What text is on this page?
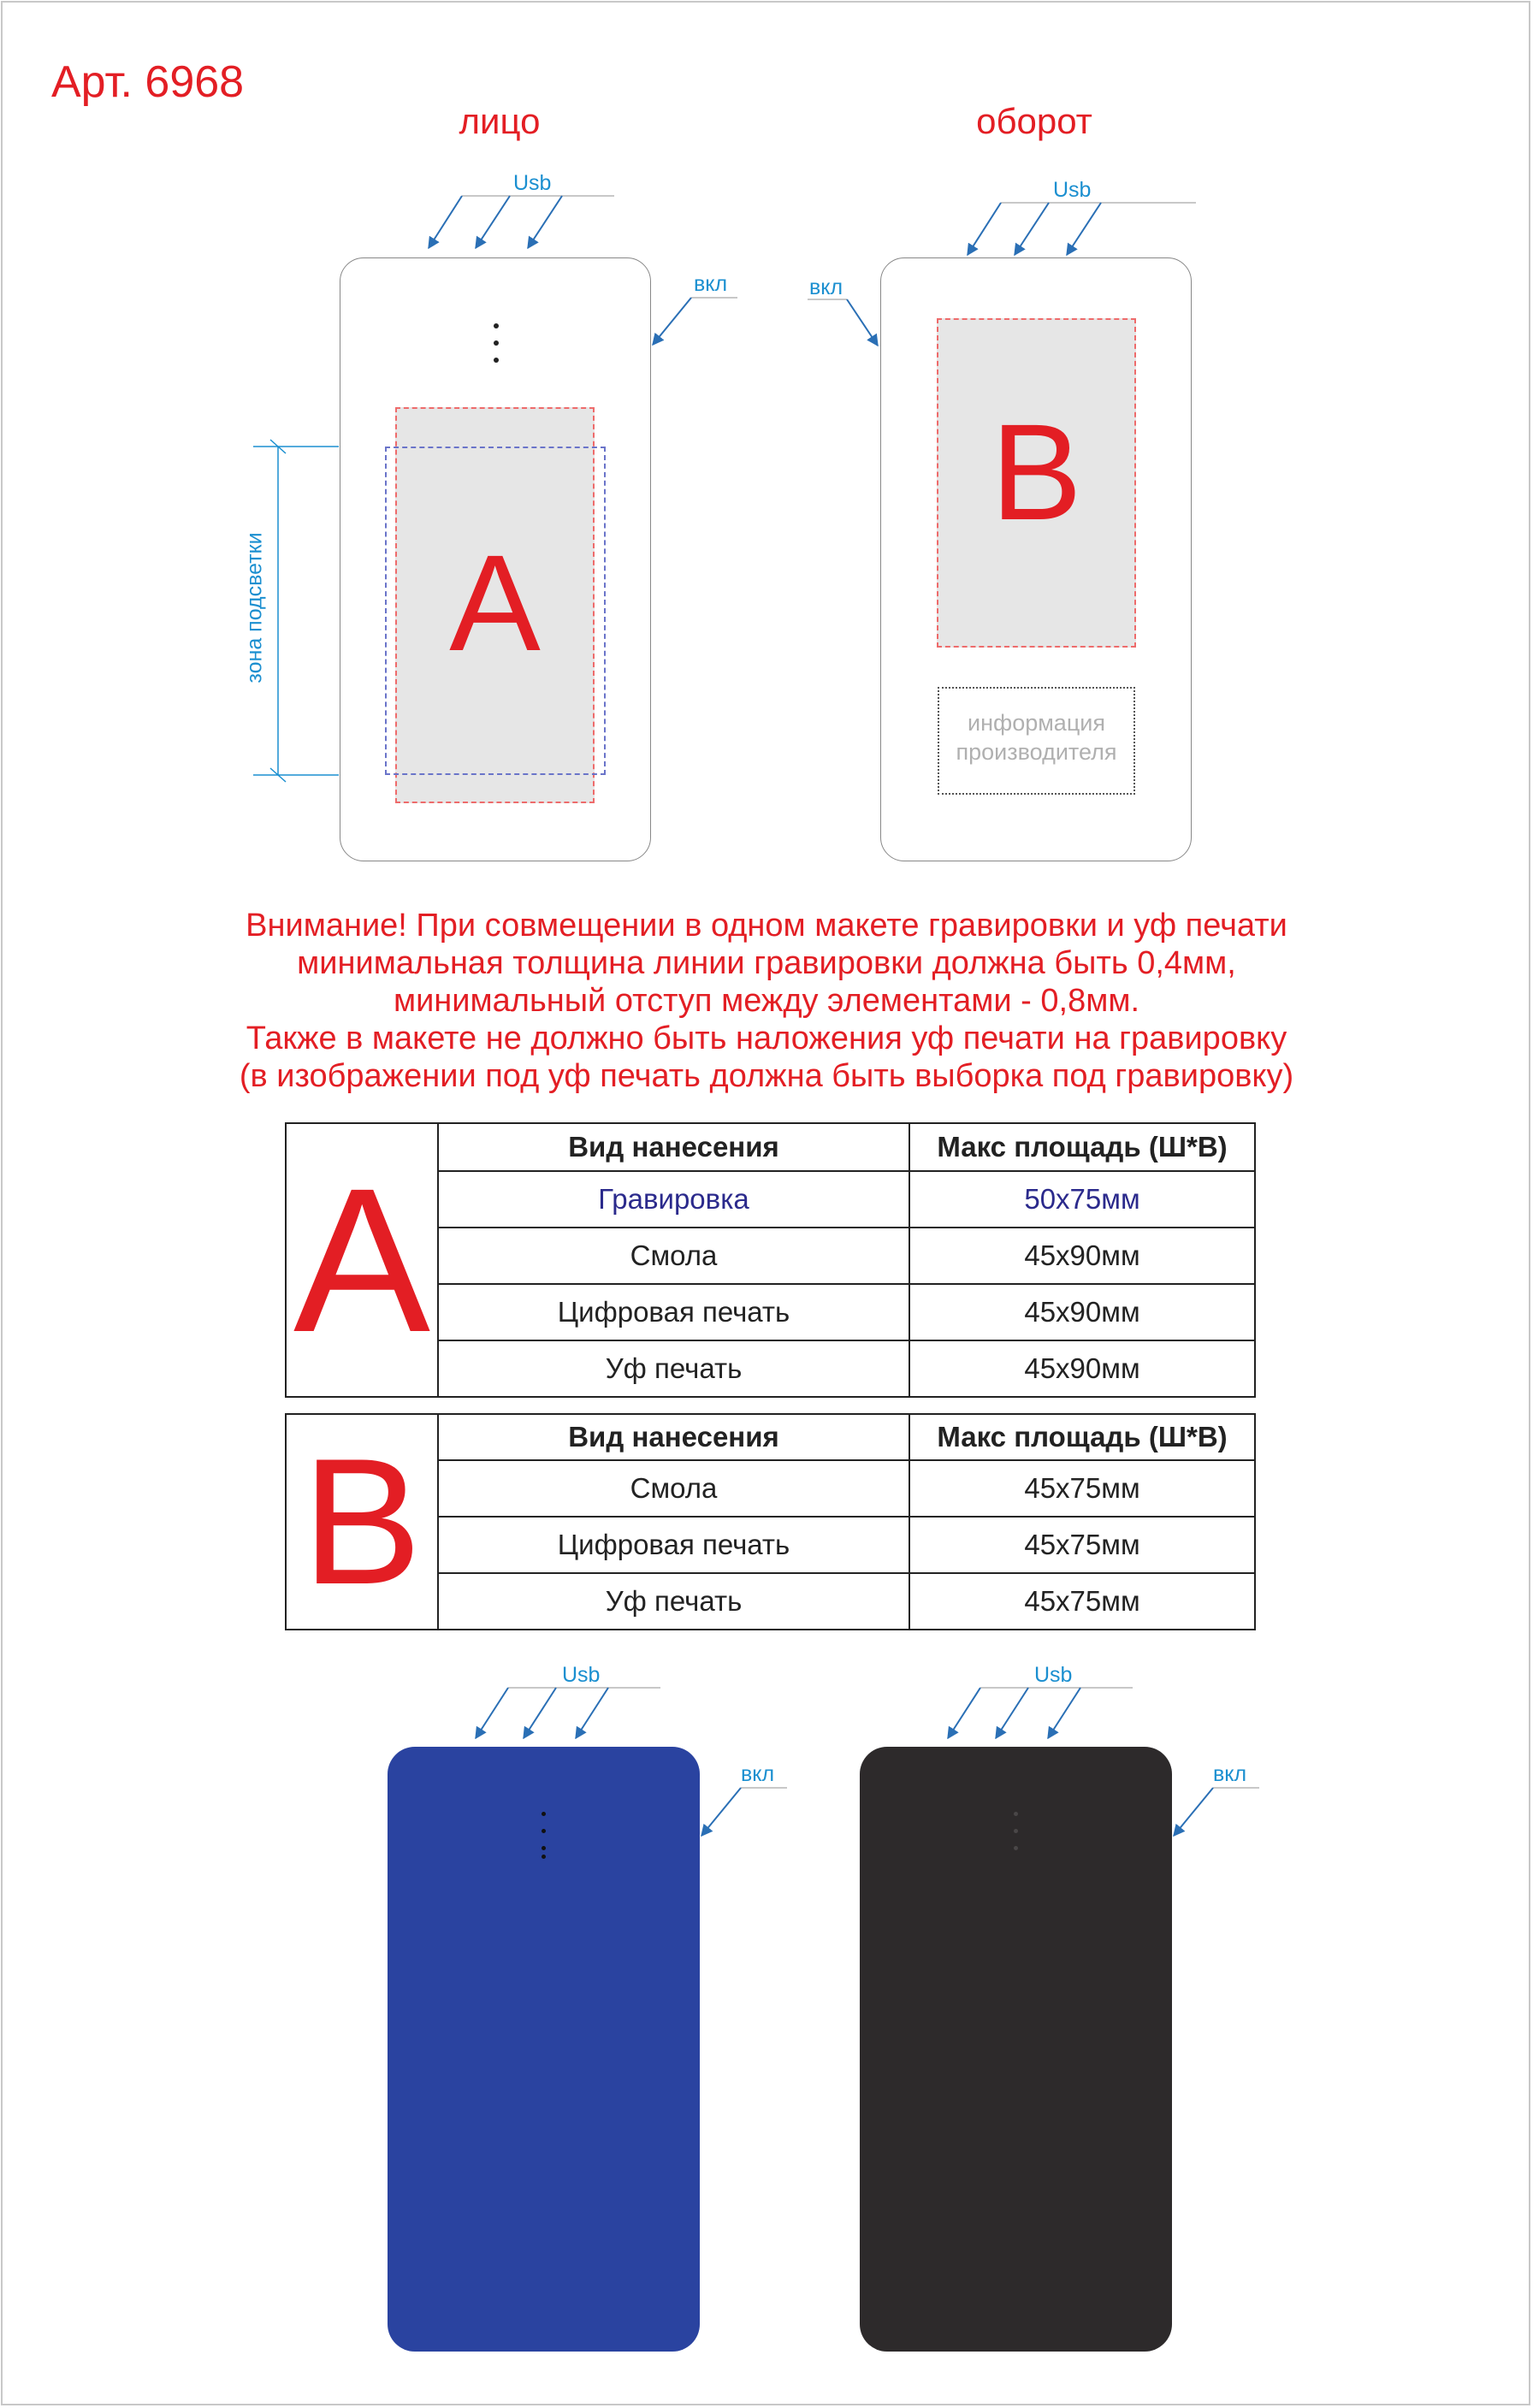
Арт. 6968
лицо	оборот
A
B
информация
производителя
Usb	Usb
вкл	вкл
зона подсветки
Usb	Usb
вкл	вкл
Внимание! При совмещении в одном макете гравировки и уф печати
минимальная толщина линии гравировки должна быть 0,4мм,
минимальный отступ между элементами - 0,8мм.
Также в макете не должно быть наложения уф печати на гравировку
(в изображении под уф печать должна быть выборка под гравировку)
A	Вид нанесения	Макс площадь (Ш*В)
	Гравировка	50x75мм
	Смола	45x90мм
	Цифровая печать	45x90мм
	Уф печать	45x90мм
B	Вид нанесения	Макс площадь (Ш*В)
	Смола	45x75мм
	Цифровая печать	45x75мм
	Уф печать	45x75мм
